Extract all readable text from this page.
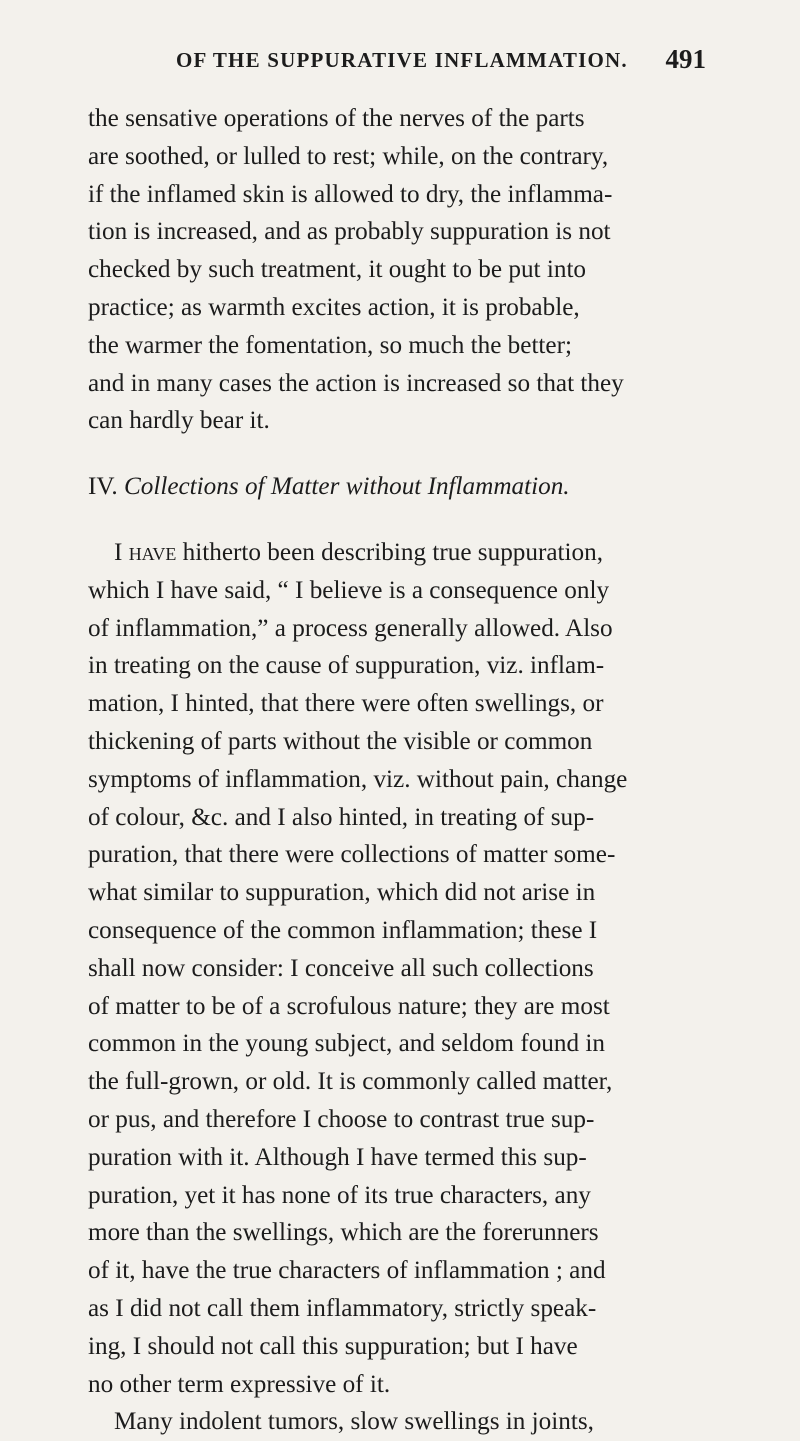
OF THE SUPPURATIVE INFLAMMATION. 491
the sensative operations of the nerves of the parts
are soothed, or lulled to rest; while, on the contrary,
if the inflamed skin is allowed to dry, the inflamma-
tion is increased, and as probably suppuration is not
checked by such treatment, it ought to be put into
practice; as warmth excites action, it is probable,
the warmer the fomentation, so much the better;
and in many cases the action is increased so that they
can hardly bear it.
IV. Collections of Matter without Inflammation.
I have hitherto been describing true suppuration,
which I have said, “ I believe is a consequence only
of inflammation,” a process generally allowed. Also
in treating on the cause of suppuration, viz. inflam-
mation, I hinted, that there were often swellings, or
thickening of parts without the visible or common
symptoms of inflammation, viz. without pain, change
of colour, &c. and I also hinted, in treating of sup-
puration, that there were collections of matter some-
what similar to suppuration, which did not arise in
consequence of the common inflammation; these I
shall now consider: I conceive all such collections
of matter to be of a scrofulous nature; they are most
common in the young subject, and seldom found in
the full-grown, or old. It is commonly called matter,
or pus, and therefore I choose to contrast true sup-
puration with it. Although I have termed this sup-
puration, yet it has none of its true characters, any
more than the swellings, which are the forerunners
of it, have the true characters of inflammation ; and
as I did not call them inflammatory, strictly speak-
ing, I should not call this suppuration; but I have
no other term expressive of it.
Many indolent tumors, slow swellings in joints,
